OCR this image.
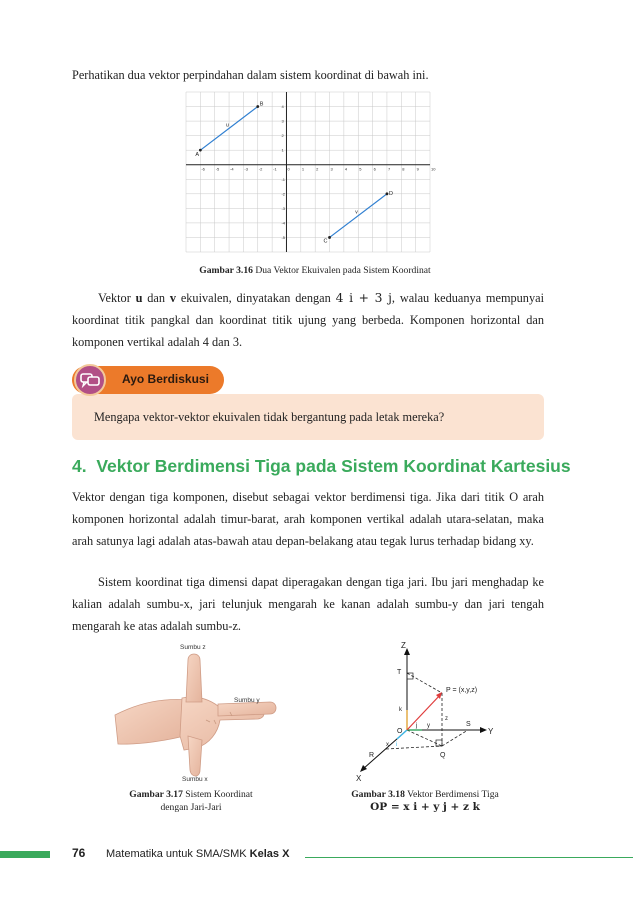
Perhatikan dua vektor perpindahan dalam sistem koordinat di bawah ini.
-6	-5	-4	-3	-2	-1	0	1	2	3	4	5	6	7	8	9	10
4
3
2
1
-1
-2
-3
-4
-5
A
B
C
D
u
v
Gambar 3.16 Dua Vektor Ekuivalen pada Sistem Koordinat
Vektor u dan v ekuivalen, dinyatakan dengan 4 i + 3 j, walau keduanya mempunyai koordinat titik pangkal dan koordinat titik ujung yang berbeda. Komponen horizontal dan komponen vertikal adalah 4 dan 3.
Ayo Berdiskusi
Mengapa vektor-vektor ekuivalen tidak bergantung pada letak mereka?
4. Vektor Berdimensi Tiga pada Sistem Koordinat Kartesius
Vektor dengan tiga komponen, disebut sebagai vektor berdimensi tiga. Jika dari titik O arah komponen horizontal adalah timur-barat, arah komponen vertikal adalah utara-selatan, maka arah satunya lagi adalah atas-bawah atau depan-belakang atau tegak lurus terhadap bidang xy.
Sistem koordinat tiga dimensi dapat diperagakan dengan tiga jari. Ibu jari menghadap ke kalian adalah sumbu-x, jari telunjuk mengarah ke kanan adalah sumbu-y dan jari tengah mengarah ke atas adalah sumbu-z.
Sumbu z
Sumbu y
Sumbu x
Gambar 3.17 Sistem Koordinat
dengan Jari-Jari
Z
Y
X
O
T
P = (x,y,z)
S
R	Q
k
j
i
x
y
z
Gambar 3.18 Vektor Berdimensi Tiga
OP = x i + y j + z k
76 Matematika untuk SMA/SMK Kelas X
